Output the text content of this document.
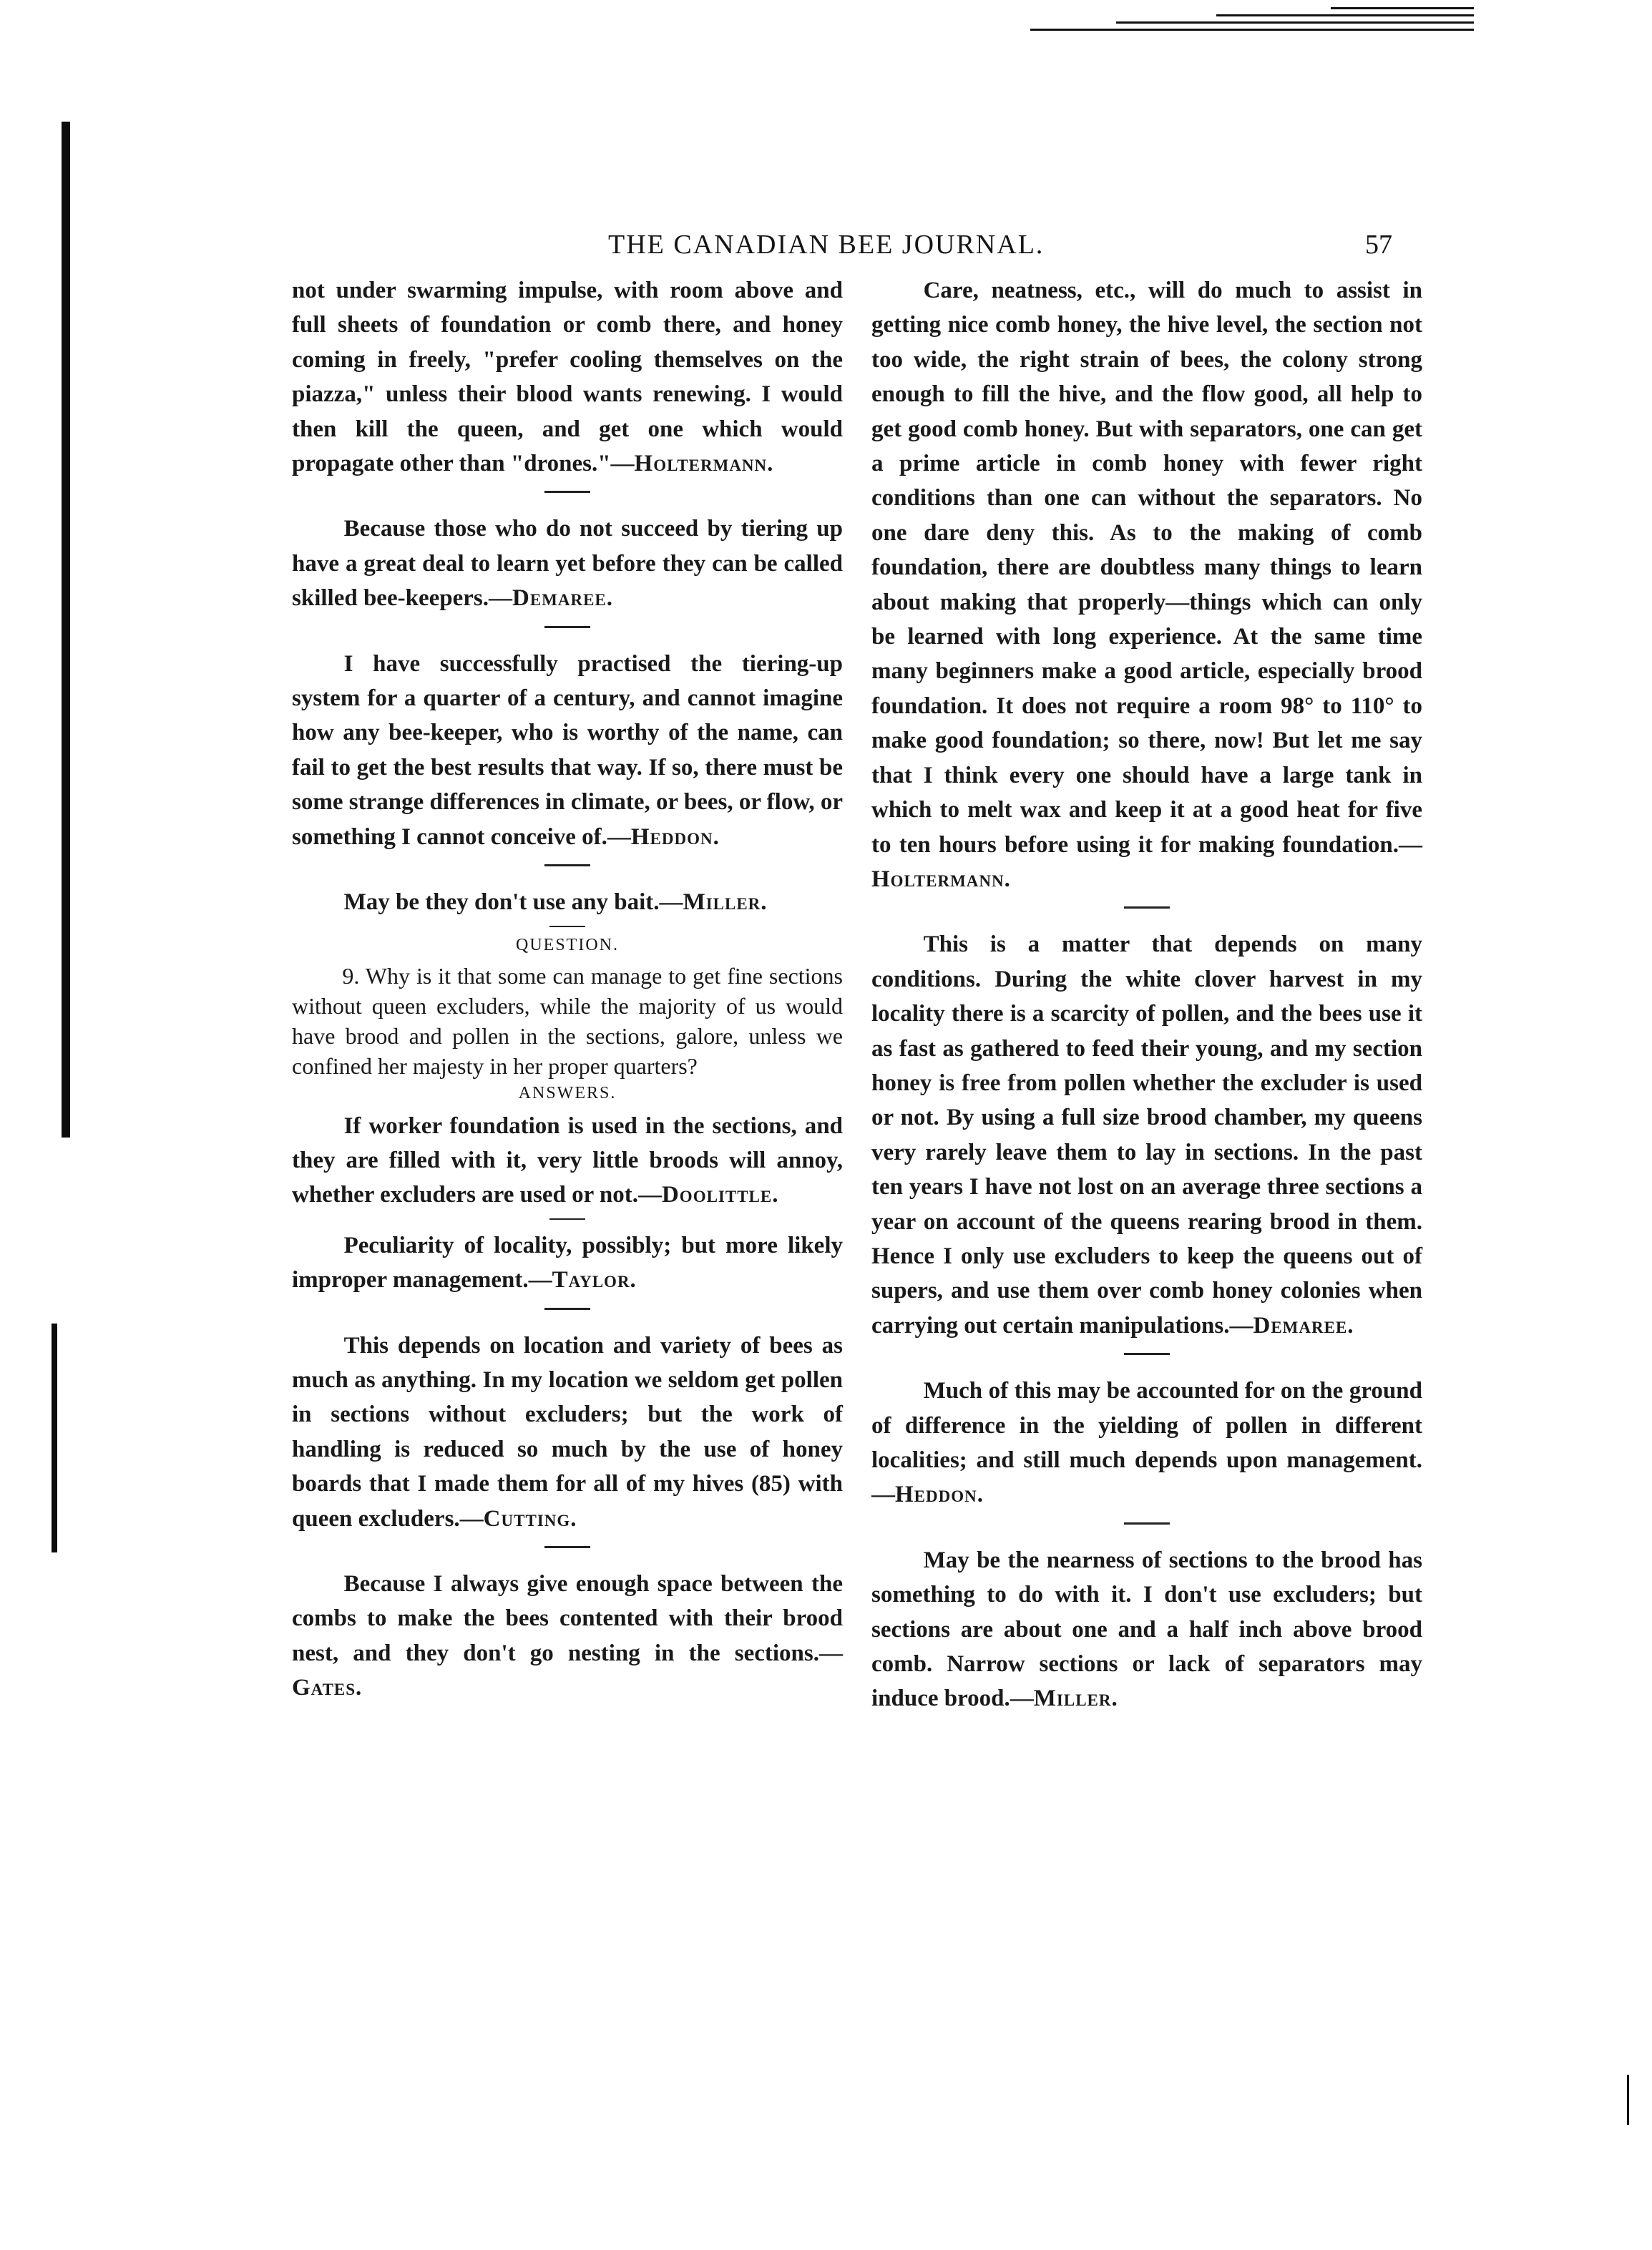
THE CANADIAN BEE JOURNAL.	57

not under swarming impulse, with room above and full sheets of foundation or comb there, and honey coming in freely, "prefer cooling themselves on the piazza," unless their blood wants renewing. I would then kill the queen, and get one which would propagate other than "drones."—Holtermann.

Because those who do not succeed by tiering up have a great deal to learn yet before they can be called skilled bee-keepers.—Demaree.

I have successfully practised the tiering-up system for a quarter of a century, and cannot imagine how any bee-keeper, who is worthy of the name, can fail to get the best results that way. If so, there must be some strange differences in climate, or bees, or flow, or something I cannot conceive of.—Heddon.

May be they don't use any bait.—Miller.

QUESTION.

9. Why is it that some can manage to get fine sections without queen excluders, while the majority of us would have brood and pollen in the sections, galore, unless we confined her majesty in her proper quarters?

ANSWERS.

If worker foundation is used in the sections, and they are filled with it, very little broods will annoy, whether excluders are used or not.—Doolittle.

Peculiarity of locality, possibly; but more likely improper management.—Taylor.

This depends on location and variety of bees as much as anything. In my location we seldom get pollen in sections without excluders; but the work of handling is reduced so much by the use of honey boards that I made them for all of my hives (85) with queen excluders.—Cutting.

Because I always give enough space between the combs to make the bees contented with their brood nest, and they don't go nesting in the sections.—Gates.

Care, neatness, etc., will do much to assist in getting nice comb honey, the hive level, the section not too wide, the right strain of bees, the colony strong enough to fill the hive, and the flow good, all help to get good comb honey. But with separators, one can get a prime article in comb honey with fewer right conditions than one can without the separators. No one dare deny this. As to the making of comb foundation, there are doubtless many things to learn about making that properly—things which can only be learned with long experience. At the same time many beginners make a good article, especially brood foundation. It does not require a room 98° to 110° to make good foundation; so there, now! But let me say that I think every one should have a large tank in which to melt wax and keep it at a good heat for five to ten hours before using it for making foundation.—Holtermann.

This is a matter that depends on many conditions. During the white clover harvest in my locality there is a scarcity of pollen, and the bees use it as fast as gathered to feed their young, and my section honey is free from pollen whether the excluder is used or not. By using a full size brood chamber, my queens very rarely leave them to lay in sections. In the past ten years I have not lost on an average three sections a year on account of the queens rearing brood in them. Hence I only use excluders to keep the queens out of supers, and use them over comb honey colonies when carrying out certain manipulations.—Demaree.

Much of this may be accounted for on the ground of difference in the yielding of pollen in different localities; and still much depends upon management.—Heddon.

May be the nearness of sections to the brood has something to do with it. I don't use excluders; but sections are about one and a half inch above brood comb. Narrow sections or lack of separators may induce brood.—Miller.
